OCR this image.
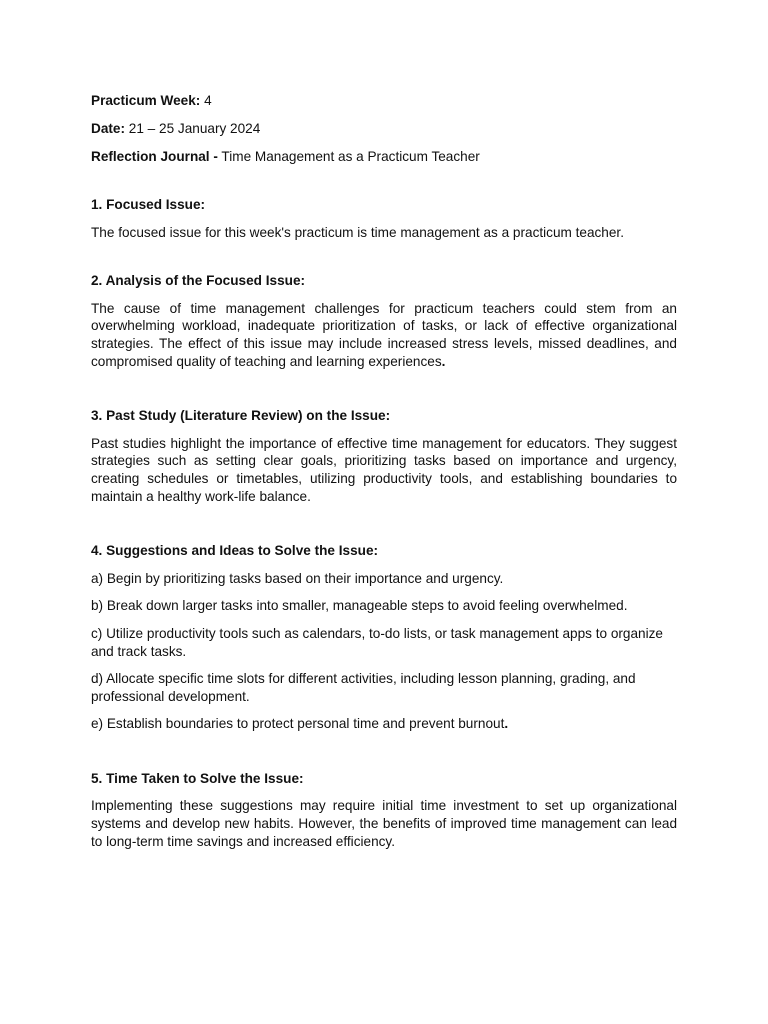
Practicum Week: 4

Date: 21 – 25 January 2024

Reflection Journal - Time Management as a Practicum Teacher

1. Focused Issue:

The focused issue for this week's practicum is time management as a practicum teacher.

2. Analysis of the Focused Issue:

The cause of time management challenges for practicum teachers could stem from an overwhelming workload, inadequate prioritization of tasks, or lack of effective organizational strategies. The effect of this issue may include increased stress levels, missed deadlines, and compromised quality of teaching and learning experiences.

3. Past Study (Literature Review) on the Issue:

Past studies highlight the importance of effective time management for educators. They suggest strategies such as setting clear goals, prioritizing tasks based on importance and urgency, creating schedules or timetables, utilizing productivity tools, and establishing boundaries to maintain a healthy work-life balance.

4. Suggestions and Ideas to Solve the Issue:

a) Begin by prioritizing tasks based on their importance and urgency.

b) Break down larger tasks into smaller, manageable steps to avoid feeling overwhelmed.

c) Utilize productivity tools such as calendars, to-do lists, or task management apps to organize and track tasks.

d) Allocate specific time slots for different activities, including lesson planning, grading, and professional development.

e) Establish boundaries to protect personal time and prevent burnout.

5. Time Taken to Solve the Issue:

Implementing these suggestions may require initial time investment to set up organizational systems and develop new habits. However, the benefits of improved time management can lead to long-term time savings and increased efficiency.
